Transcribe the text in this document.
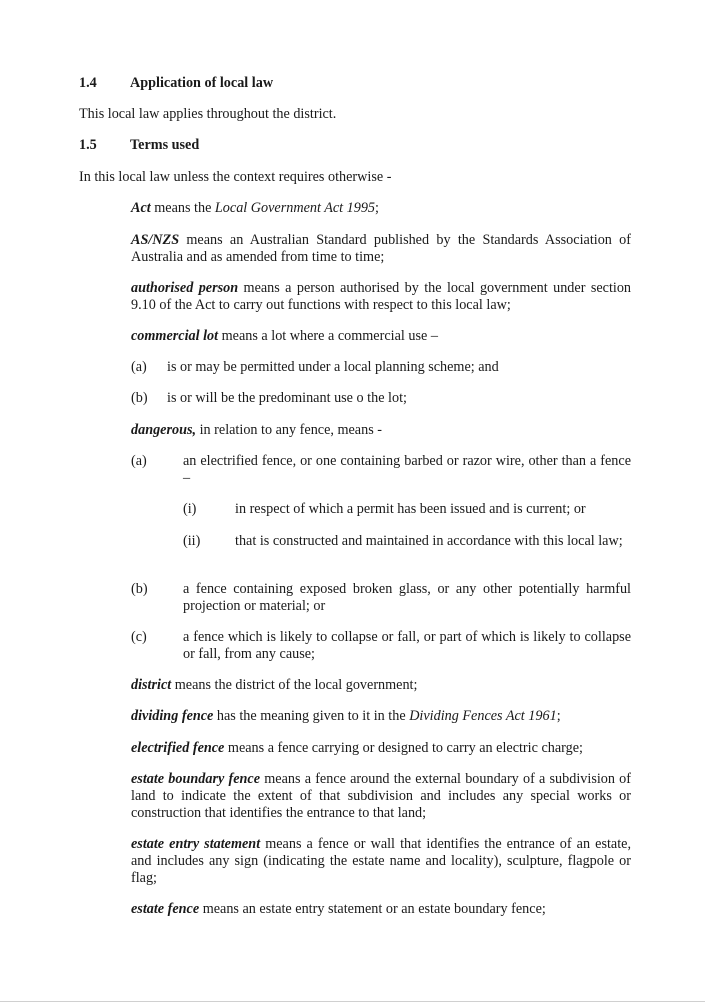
1.4 Application of local law
This local law applies throughout the district.
1.5 Terms used
In this local law unless the context requires otherwise -
Act means the Local Government Act 1995;
AS/NZS means an Australian Standard published by the Standards Association of Australia and as amended from time to time;
authorised person means a person authorised by the local government under section 9.10 of the Act to carry out functions with respect to this local law;
commercial lot means a lot where a commercial use –
(a) is or may be permitted under a local planning scheme; and
(b) is or will be the predominant use o the lot;
dangerous, in relation to any fence, means -
(a)	an electrified fence, or one containing barbed or razor wire, other than a fence –
(i)	in respect of which a permit has been issued and is current; or
(ii) that is constructed and maintained in accordance with this local law;
(b) a fence containing exposed broken glass, or any other potentially harmful projection or material; or
(c)	a fence which is likely to collapse or fall, or part of which is likely to collapse or fall, from any cause;
district means the district of the local government;
dividing fence has the meaning given to it in the Dividing Fences Act 1961;
electrified fence means a fence carrying or designed to carry an electric charge;
estate boundary fence means a fence around the external boundary of a subdivision of land to indicate the extent of that subdivision and includes any special works or construction that identifies the entrance to that land;
estate entry statement means a fence or wall that identifies the entrance of an estate, and includes any sign (indicating the estate name and locality), sculpture, flagpole or flag;
estate fence means an estate entry statement or an estate boundary fence;
